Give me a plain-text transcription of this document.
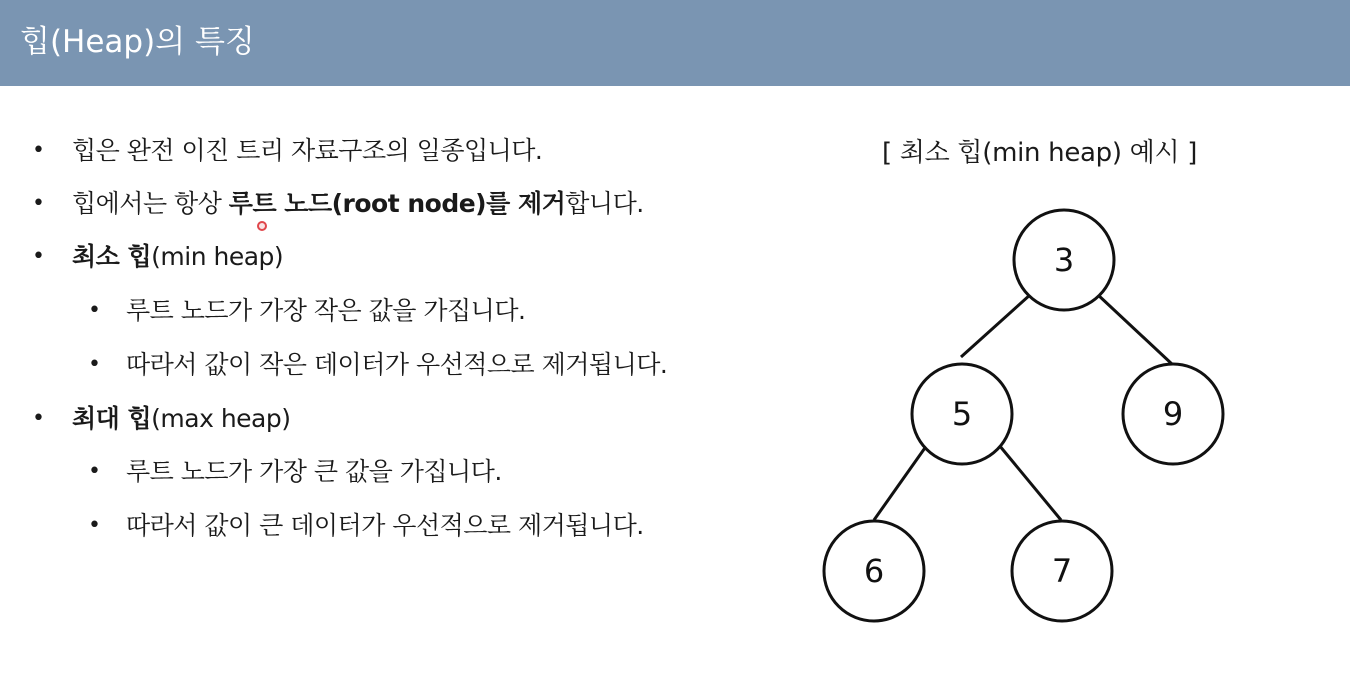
힙(Heap)의 특징
• 힙은 완전 이진 트리 자료구조의 일종입니다.
• 힙에서는 항상 루트 노드(root node)를 제거합니다.
• 최소 힙(min heap)
• 루트 노드가 가장 작은 값을 가집니다.
• 따라서 값이 작은 데이터가 우선적으로 제거됩니다.
• 최대 힙(max heap)
• 루트 노드가 가장 큰 값을 가집니다.
• 따라서 값이 큰 데이터가 우선적으로 제거됩니다.
[ 최소 힙(min heap) 예시 ]
3
5	9
6	7
